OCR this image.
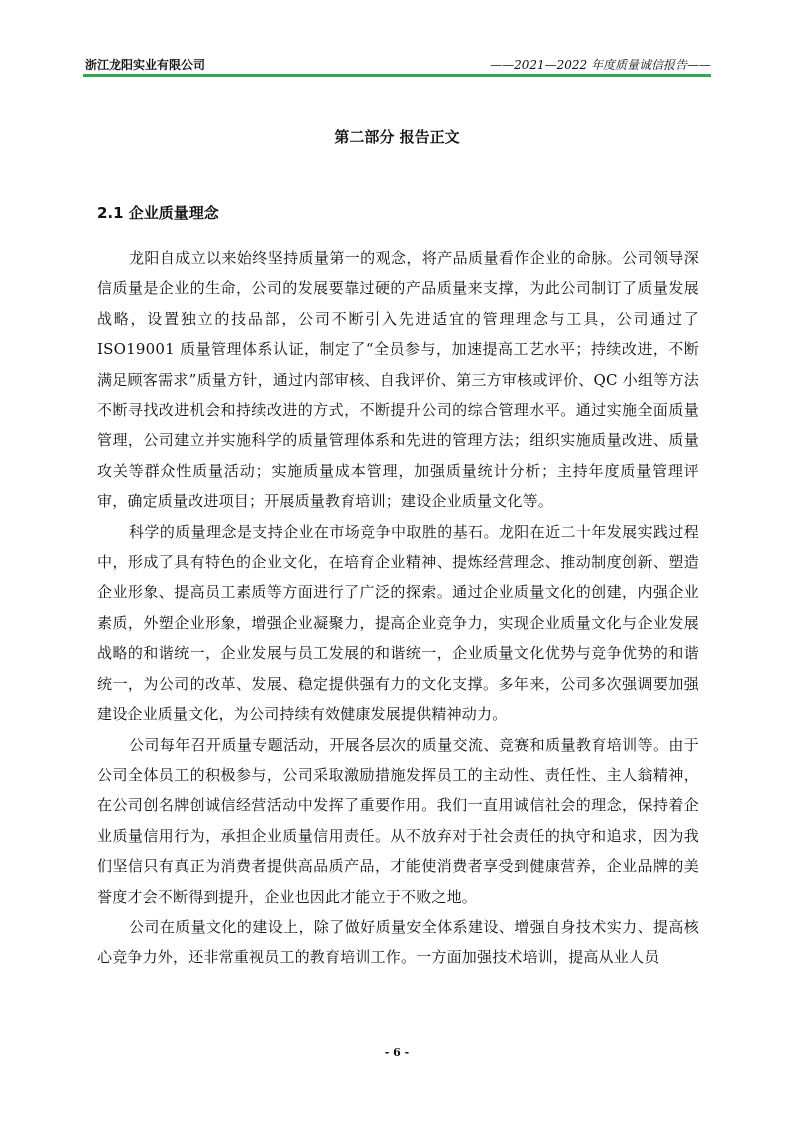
浙江龙阳实业有限公司	——2021—2022 年度质量诚信报告——
第二部分 报告正文
2.1 企业质量理念

龙阳自成立以来始终坚持质量第一的观念，将产品质量看作企业的命脉。公司领导深信质量是企业的生命，公司的发展要靠过硬的产品质量来支撑，为此公司制订了质量发展战略，设置独立的技品部，公司不断引入先进适宜的管理理念与工具，公司通过了ISO19001 质量管理体系认证，制定了“全员参与，加速提高工艺水平；持续改进，不断满足顾客需求”质量方针，通过内部审核、自我评价、第三方审核或评价、QC 小组等方法不断寻找改进机会和持续改进的方式，不断提升公司的综合管理水平。通过实施全面质量管理，公司建立并实施科学的质量管理体系和先进的管理方法；组织实施质量改进、质量攻关等群众性质量活动；实施质量成本管理，加强质量统计分析；主持年度质量管理评审，确定质量改进项目；开展质量教育培训；建设企业质量文化等。

科学的质量理念是支持企业在市场竞争中取胜的基石。龙阳在近二十年发展实践过程中，形成了具有特色的企业文化，在培育企业精神、提炼经营理念、推动制度创新、塑造企业形象、提高员工素质等方面进行了广泛的探索。通过企业质量文化的创建，内强企业素质，外塑企业形象，增强企业凝聚力，提高企业竞争力，实现企业质量文化与企业发展战略的和谐统一，企业发展与员工发展的和谐统一，企业质量文化优势与竞争优势的和谐统一，为公司的改革、发展、稳定提供强有力的文化支撑。多年来，公司多次强调要加强建设企业质量文化，为公司持续有效健康发展提供精神动力。

公司每年召开质量专题活动，开展各层次的质量交流、竞赛和质量教育培训等。由于公司全体员工的积极参与，公司采取激励措施发挥员工的主动性、责任性、主人翁精神，在公司创名牌创诚信经营活动中发挥了重要作用。我们一直用诚信社会的理念，保持着企业质量信用行为，承担企业质量信用责任。从不放弃对于社会责任的执守和追求，因为我们坚信只有真正为消费者提供高品质产品，才能使消费者享受到健康营养，企业品牌的美誉度才会不断得到提升，企业也因此才能立于不败之地。

公司在质量文化的建设上，除了做好质量安全体系建设、增强自身技术实力、提高核心竞争力外，还非常重视员工的教育培训工作。一方面加强技术培训，提高从业人员

- 6 -
